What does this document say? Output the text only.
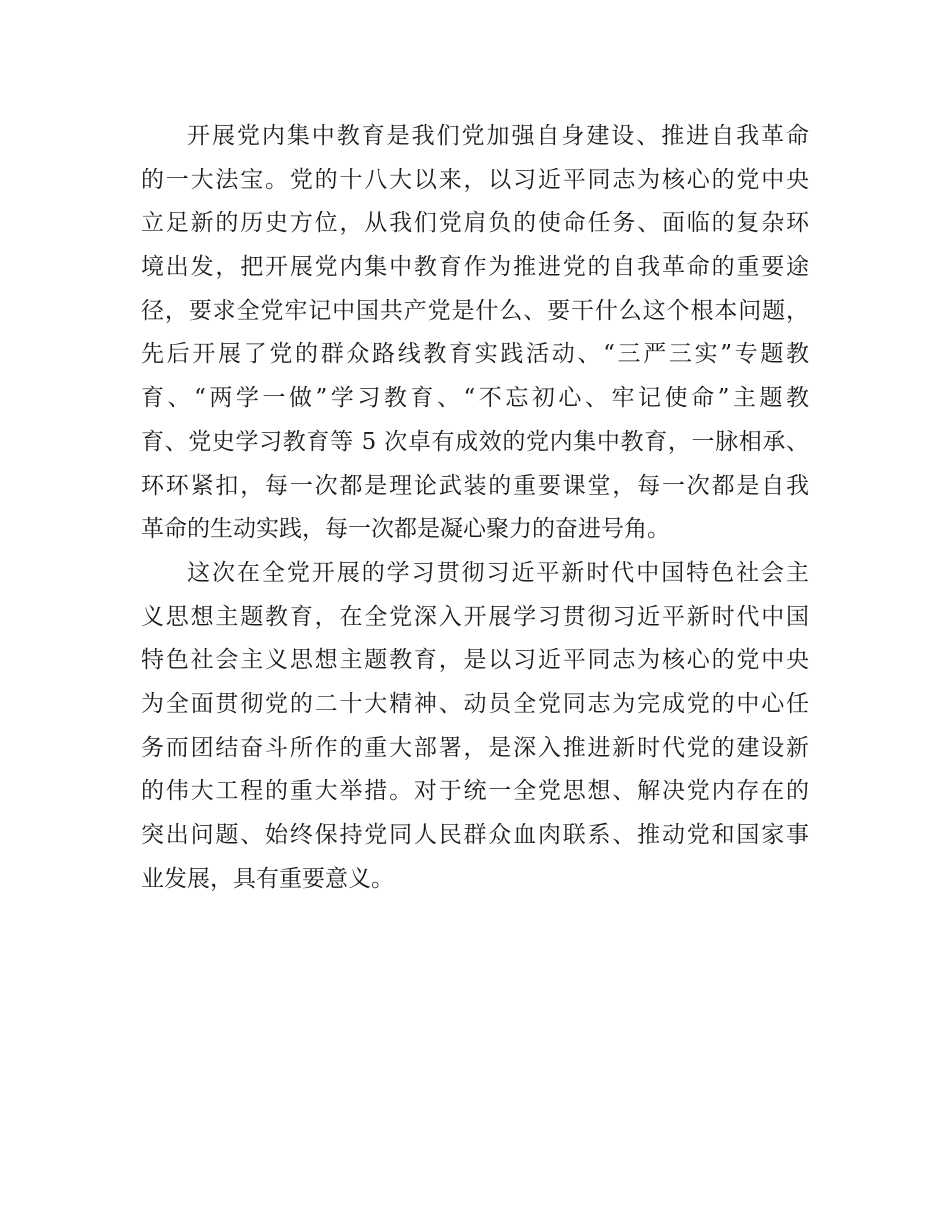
开展党内集中教育是我们党加强自身建设、推进自我革命
的一大法宝。党的十八大以来，以习近平同志为核心的党中央
立足新的历史方位，从我们党肩负的使命任务、面临的复杂环
境出发，把开展党内集中教育作为推进党的自我革命的重要途
径，要求全党牢记中国共产党是什么、要干什么这个根本问题，
先后开展了党的群众路线教育实践活动、“三严三实”专题教
育、“两学一做”学习教育、“不忘初心、牢记使命”主题教
育、党史学习教育等 5 次卓有成效的党内集中教育，一脉相承、
环环紧扣，每一次都是理论武装的重要课堂，每一次都是自我
革命的生动实践，每一次都是凝心聚力的奋进号角。
这次在全党开展的学习贯彻习近平新时代中国特色社会主
义思想主题教育，在全党深入开展学习贯彻习近平新时代中国
特色社会主义思想主题教育，是以习近平同志为核心的党中央
为全面贯彻党的二十大精神、动员全党同志为完成党的中心任
务而团结奋斗所作的重大部署，是深入推进新时代党的建设新
的伟大工程的重大举措。对于统一全党思想、解决党内存在的
突出问题、始终保持党同人民群众血肉联系、推动党和国家事
业发展，具有重要意义。
